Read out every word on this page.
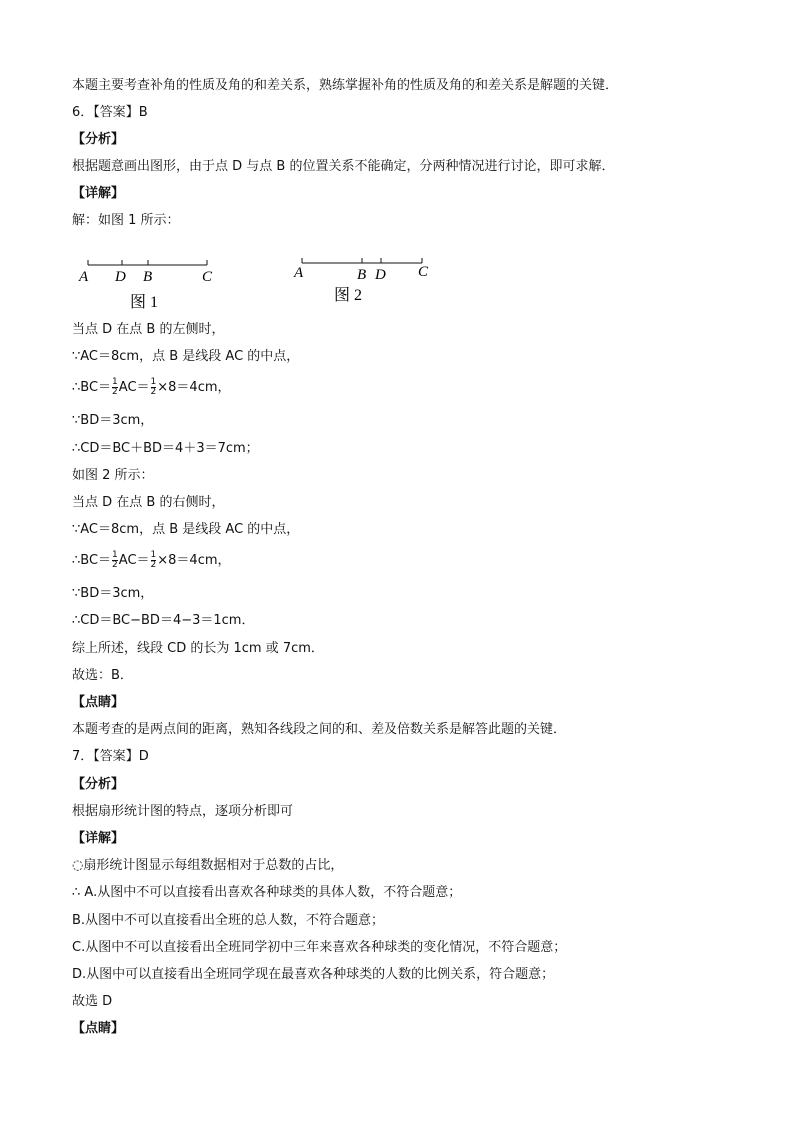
本题主要考查补角的性质及角的和差关系，熟练掌握补角的性质及角的和差关系是解题的关键．
6．【答案】B
【分析】
根据题意画出图形，由于点 D 与点 B 的位置关系不能确定，分两种情况进行讨论，即可求解．
【详解】
解：如图 1 所示：
A D B	C
图 1
A	B D C
图 2
当点 D 在点 B 的左侧时，
∵AC＝8cm，点 B 是线段 AC 的中点，
∴BC＝ $\frac{1}{2} AC= \frac{1}{2} \times 8=4cm$，
∵BD＝3cm，
∴CD＝BC＋BD＝4＋3＝7cm；
如图 2 所示：
当点 D 在点 B 的右侧时，
∵AC＝8cm，点 B 是线段 AC 的中点，
∴BC＝ $\frac{1}{2} AC= \frac{1}{2} \times 8=4cm$，
∵BD＝3cm，
∴CD＝BC−BD＝4−3＝1cm．
综上所述，线段 CD 的长为 1cm 或 7cm．
故选：B．
【点睛】
本题考查的是两点间的距离，熟知各线段之间的和、差及倍数关系是解答此题的关键．
7．【答案】D
【分析】
根据扇形统计图的特点，逐项分析即可
【详解】
◌扇形统计图显示每组数据相对于总数的占比，
∴ A.从图中不可以直接看出喜欢各种球类的具体人数，不符合题意；
B.从图中不可以直接看出全班的总人数，不符合题意；
C.从图中不可以直接看出全班同学初中三年来喜欢各种球类的变化情况，不符合题意；
D.从图中可以直接看出全班同学现在最喜欢各种球类的人数的比例关系，符合题意；
故选 D
【点睛】
